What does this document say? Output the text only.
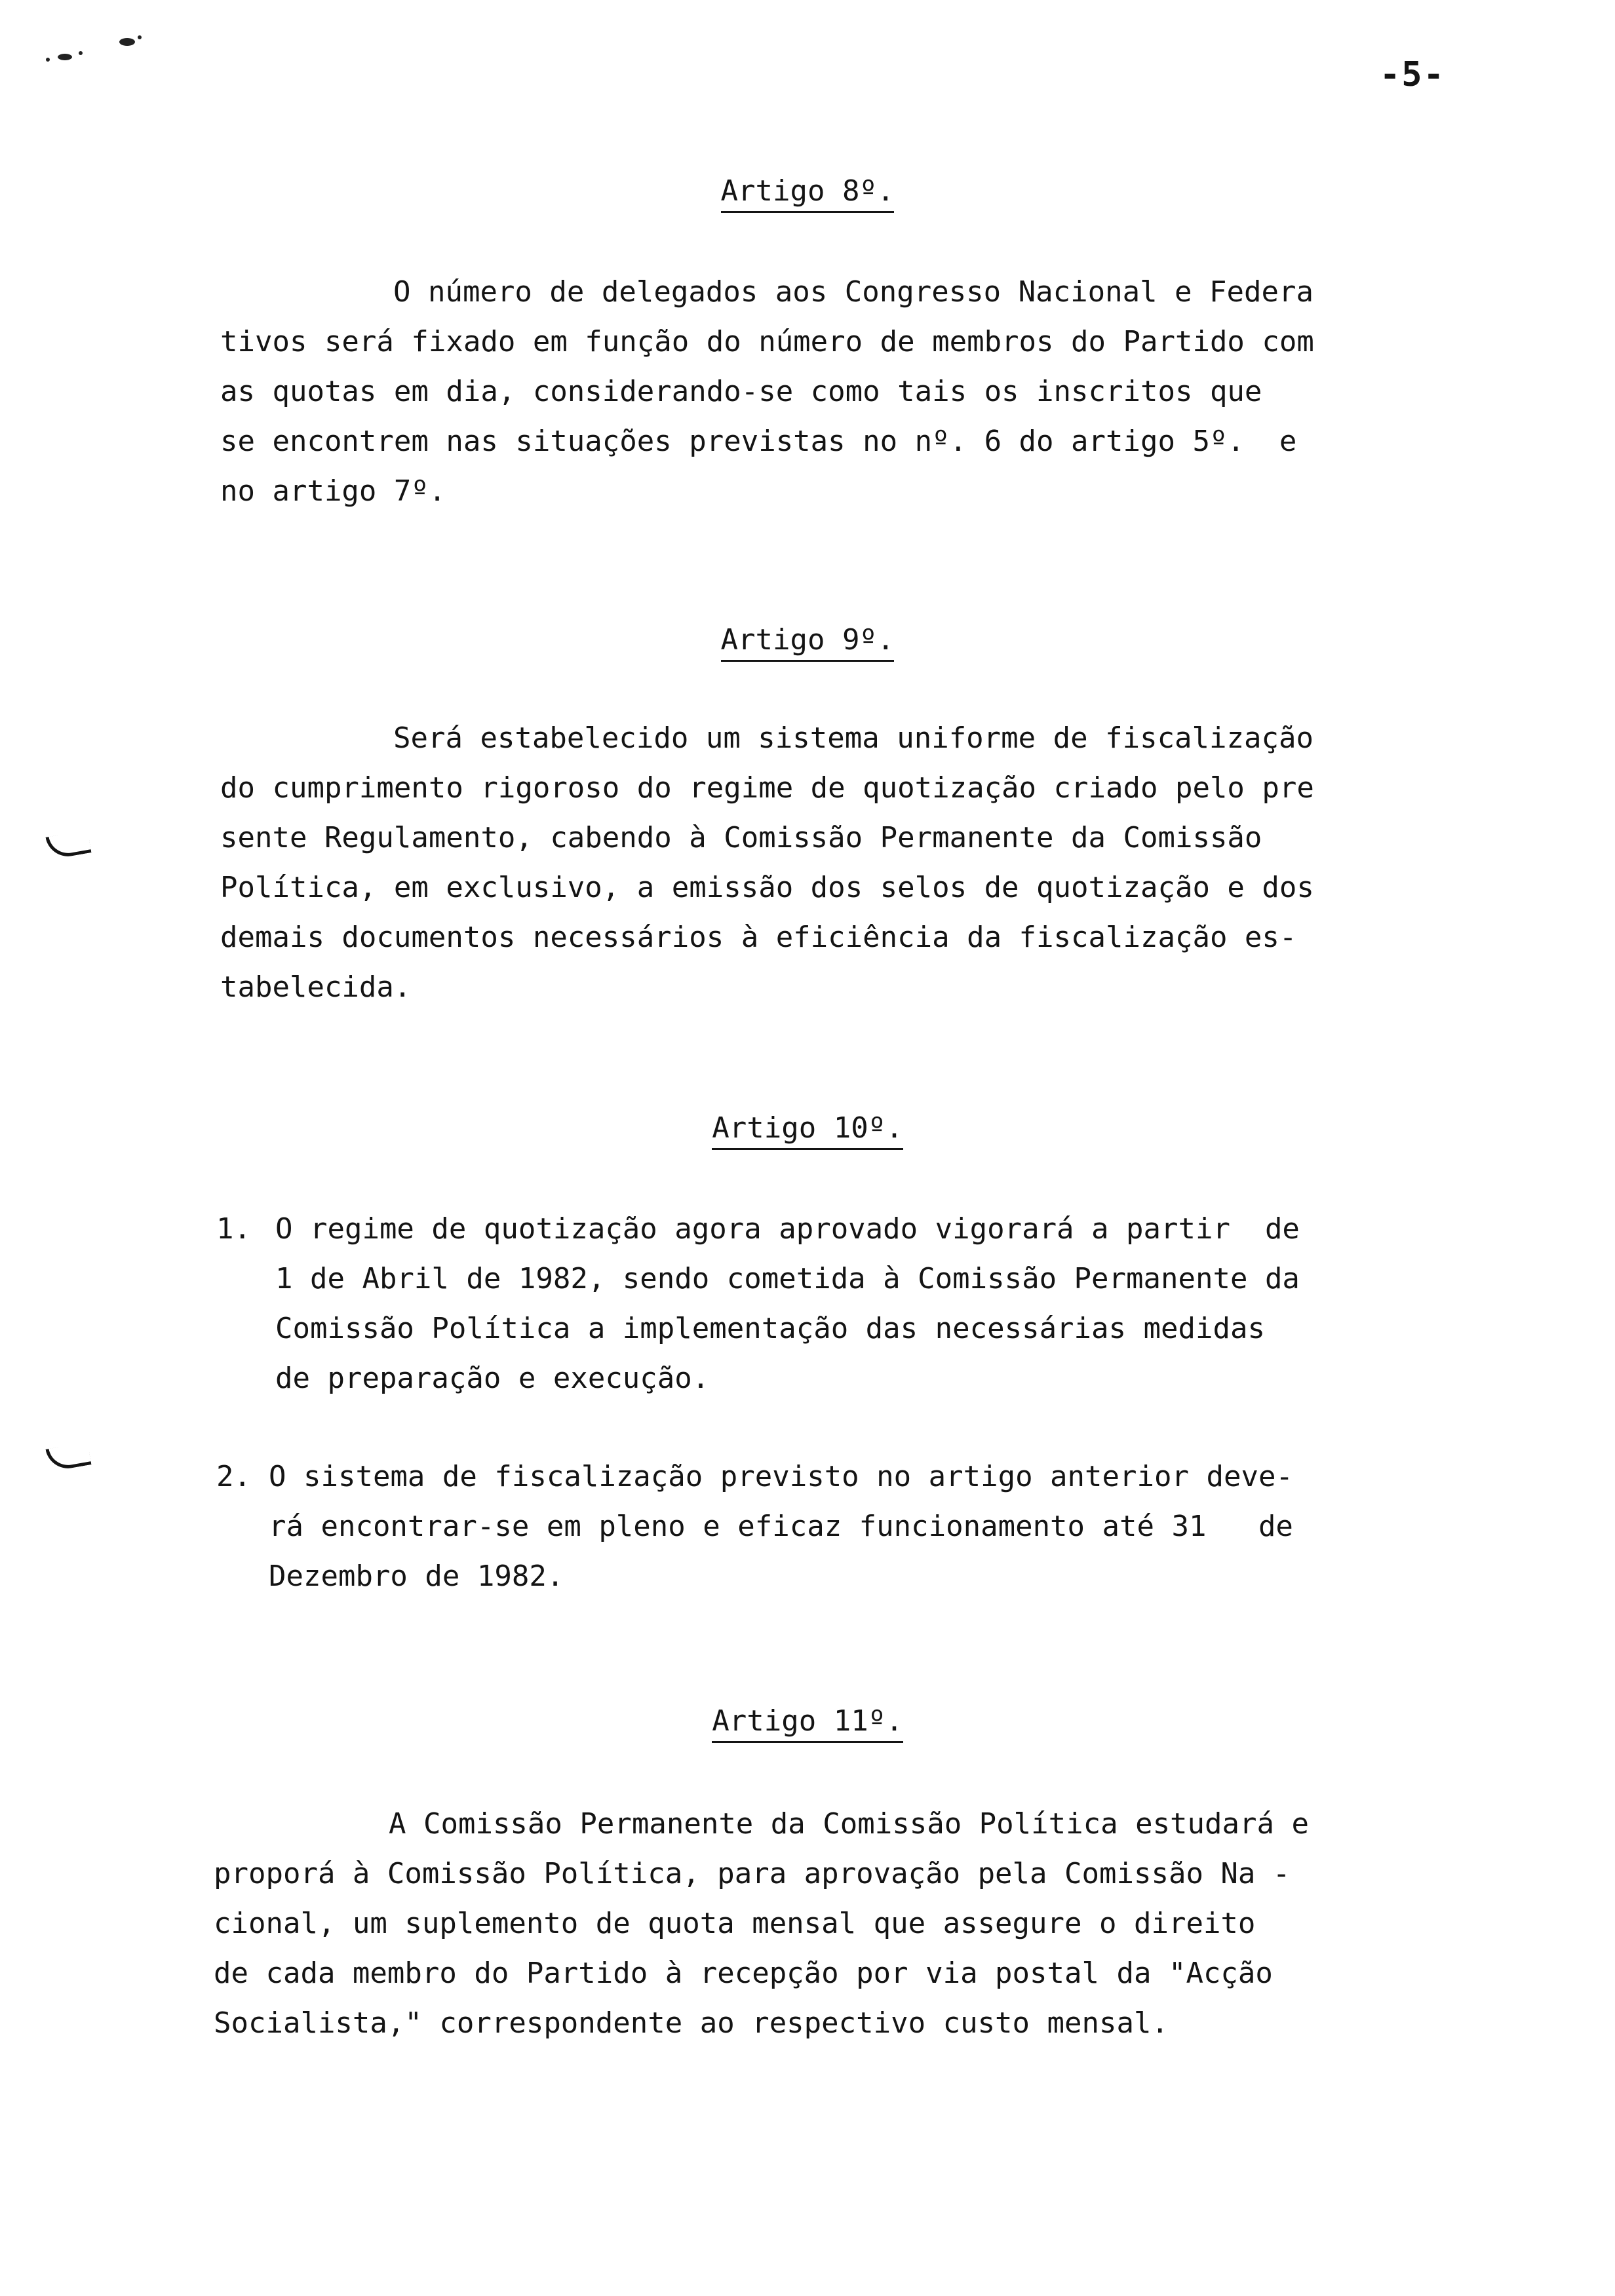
-5-
Artigo 8º.
O número de delegados aos Congresso Nacional e Federa
tivos será fixado em função do número de membros do Partido com
as quotas em dia, considerando-se como tais os inscritos que
se encontrem nas situações previstas no nº. 6 do artigo 5º.  e
no artigo 7º.
Artigo 9º.
Será estabelecido um sistema uniforme de fiscalização
do cumprimento rigoroso do regime de quotização criado pelo pre
sente Regulamento, cabendo à Comissão Permanente da Comissão
Política, em exclusivo, a emissão dos selos de quotização e dos
demais documentos necessários à eficiência da fiscalização es-
tabelecida.
Artigo 10º.
1. O regime de quotização agora aprovado vigorará a partir  de
1 de Abril de 1982, sendo cometida à Comissão Permanente da
Comissão Política a implementação das necessárias medidas
de preparação e execução.
2. O sistema de fiscalização previsto no artigo anterior deve-
rá encontrar-se em pleno e eficaz funcionamento até 31   de
Dezembro de 1982.
Artigo 11º.
A Comissão Permanente da Comissão Política estudará e
proporá à Comissão Política, para aprovação pela Comissão Na -
cional, um suplemento de quota mensal que assegure o direito
de cada membro do Partido à recepção por via postal da "Acção
Socialista," correspondente ao respectivo custo mensal.
